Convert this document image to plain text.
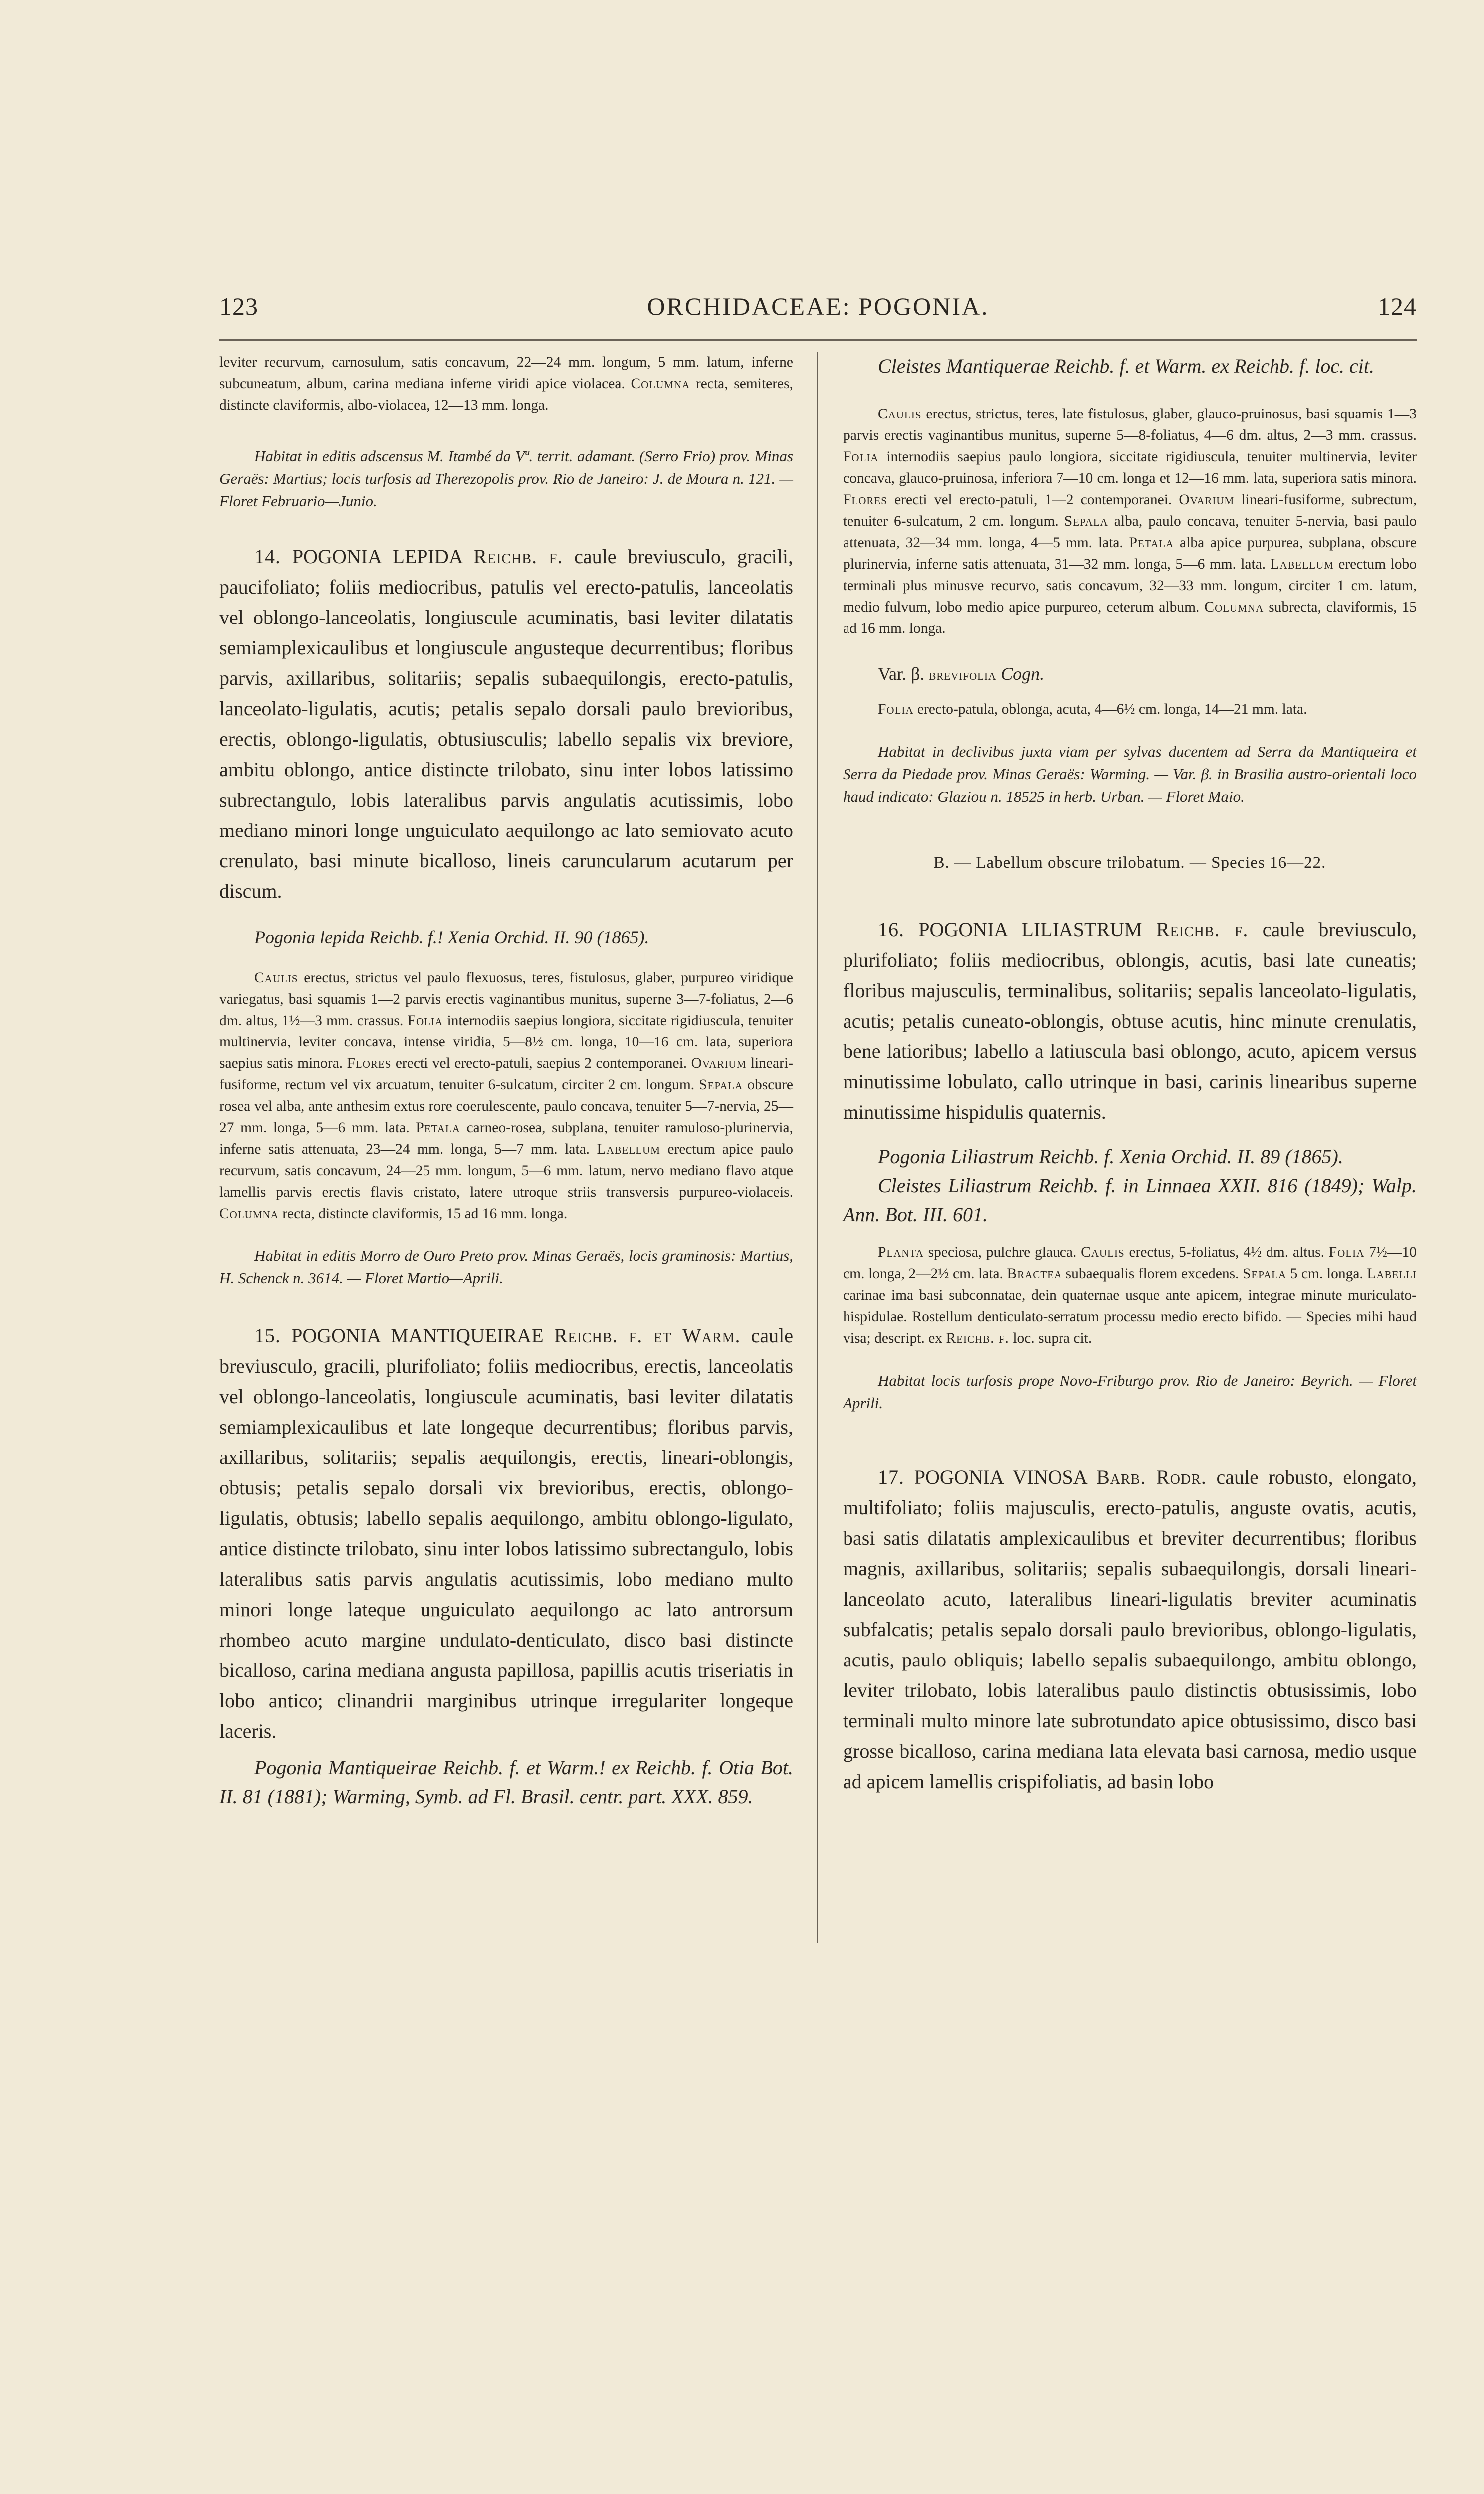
123	ORCHIDACEAE: POGONIA.	124

leviter recurvum, carnosulum, satis concavum, 22—24 mm. longum, 5 mm. latum, inferne subcuneatum, album, carina mediana inferne viridi apice violacea. Columna recta, semiteres, distincte claviformis, albo-violacea, 12—13 mm. longa.

Habitat in editis adscensus M. Itambé da Vª. territ. adamant. (Serro Frio) prov. Minas Geraës: Martius; locis turfosis ad Therezopolis prov. Rio de Janeiro: J. de Moura n. 121. — Floret Februario—Junio.

14. POGONIA LEPIDA Reichb. f. caule breviusculo, gracili, paucifoliato; foliis mediocribus, patulis vel erecto-patulis, lanceolatis vel oblongo-lanceolatis, longiuscule acuminatis, basi leviter dilatatis semiamplexicaulibus et longiuscule angusteque decurrentibus; floribus parvis, axillaribus, solitariis; sepalis subaequilongis, erecto-patulis, lanceolato-ligulatis, acutis; petalis sepalo dorsali paulo brevioribus, erectis, oblongo-ligulatis, obtusiusculis; labello sepalis vix breviore, ambitu oblongo, antice distincte trilobato, sinu inter lobos latissimo subrectangulo, lobis lateralibus parvis angulatis acutissimis, lobo mediano minori longe unguiculato aequilongo ac lato semiovato acuto crenulato, basi minute bicalloso, lineis caruncularum acutarum per discum.

Pogonia lepida Reichb. f.! Xenia Orchid. II. 90 (1865).

Caulis erectus, strictus vel paulo flexuosus, teres, fistulosus, glaber, purpureo viridique variegatus, basi squamis 1—2 parvis erectis vaginantibus munitus, superne 3—7-foliatus, 2—6 dm. altus, 1½—3 mm. crassus. Folia internodiis saepius longiora, siccitate rigidiuscula, tenuiter multinervia, leviter concava, intense viridia, 5—8½ cm. longa, 10—16 cm. lata, superiora saepius satis minora. Flores erecti vel erecto-patuli, saepius 2 contemporanei. Ovarium lineari-fusiforme, rectum vel vix arcuatum, tenuiter 6-sulcatum, circiter 2 cm. longum. Sepala obscure rosea vel alba, ante anthesim extus rore coerulescente, paulo concava, tenuiter 5—7-nervia, 25—27 mm. longa, 5—6 mm. lata. Petala carneo-rosea, subplana, tenuiter ramuloso-plurinervia, inferne satis attenuata, 23—24 mm. longa, 5—7 mm. lata. Labellum erectum apice paulo recurvum, satis concavum, 24—25 mm. longum, 5—6 mm. latum, nervo mediano flavo atque lamellis parvis erectis flavis cristato, latere utroque striis transversis purpureo-violaceis. Columna recta, distincte claviformis, 15 ad 16 mm. longa.

Habitat in editis Morro de Ouro Preto prov. Minas Geraës, locis graminosis: Martius, H. Schenck n. 3614. — Floret Martio—Aprili.

15. POGONIA MANTIQUEIRAE Reichb. f. et Warm. caule breviusculo, gracili, plurifoliato; foliis mediocribus, erectis, lanceolatis vel oblongo-lanceolatis, longiuscule acuminatis, basi leviter dilatatis semiamplexicaulibus et late longeque decurrentibus; floribus parvis, axillaribus, solitariis; sepalis aequilongis, erectis, lineari-oblongis, obtusis; petalis sepalo dorsali vix brevioribus, erectis, oblongo-ligulatis, obtusis; labello sepalis aequilongo, ambitu oblongo-ligulato, antice distincte trilobato, sinu inter lobos latissimo subrectangulo, lobis lateralibus satis parvis angulatis acutissimis, lobo mediano multo minori longe lateque unguiculato aequilongo ac lato antrorsum rhombeo acuto margine undulato-denticulato, disco basi distincte bicalloso, carina mediana angusta papillosa, papillis acutis triseriatis in lobo antico; clinandrii marginibus utrinque irregulariter longeque laceris.

Pogonia Mantiqueirae Reichb. f. et Warm.! ex Reichb. f. Otia Bot. II. 81 (1881); Warming, Symb. ad Fl. Brasil. centr. part. XXX. 859.

Cleistes Mantiquerae Reichb. f. et Warm. ex Reichb. f. loc. cit.

Caulis erectus, strictus, teres, late fistulosus, glaber, glauco-pruinosus, basi squamis 1—3 parvis erectis vaginantibus munitus, superne 5—8-foliatus, 4—6 dm. altus, 2—3 mm. crassus. Folia internodiis saepius paulo longiora, siccitate rigidiuscula, tenuiter multinervia, leviter concava, glauco-pruinosa, inferiora 7—10 cm. longa et 12—16 mm. lata, superiora satis minora. Flores erecti vel erecto-patuli, 1—2 contemporanei. Ovarium lineari-fusiforme, subrectum, tenuiter 6-sulcatum, 2 cm. longum. Sepala alba, paulo concava, tenuiter 5-nervia, basi paulo attenuata, 32—34 mm. longa, 4—5 mm. lata. Petala alba apice purpurea, subplana, obscure plurinervia, inferne satis attenuata, 31—32 mm. longa, 5—6 mm. lata. Labellum erectum lobo terminali plus minusve recurvo, satis concavum, 32—33 mm. longum, circiter 1 cm. latum, medio fulvum, lobo medio apice purpureo, ceterum album. Columna subrecta, claviformis, 15 ad 16 mm. longa.

Var. β. brevifolia Cogn.

Folia erecto-patula, oblonga, acuta, 4—6½ cm. longa, 14—21 mm. lata.

Habitat in declivibus juxta viam per sylvas ducentem ad Serra da Mantiqueira et Serra da Piedade prov. Minas Geraës: Warming. — Var. β. in Brasilia austro-orientali loco haud indicato: Glaziou n. 18525 in herb. Urban. — Floret Maio.

B. — Labellum obscure trilobatum. — Species 16—22.

16. POGONIA LILIASTRUM Reichb. f. caule breviusculo, plurifoliato; foliis mediocribus, oblongis, acutis, basi late cuneatis; floribus majusculis, terminalibus, solitariis; sepalis lanceolato-ligulatis, acutis; petalis cuneato-oblongis, obtuse acutis, hinc minute crenulatis, bene latioribus; labello a latiuscula basi oblongo, acuto, apicem versus minutissime lobulato, callo utrinque in basi, carinis linearibus superne minutissime hispidulis quaternis.

Pogonia Liliastrum Reichb. f. Xenia Orchid. II. 89 (1865).

Cleistes Liliastrum Reichb. f. in Linnaea XXII. 816 (1849); Walp. Ann. Bot. III. 601.

Planta speciosa, pulchre glauca. Caulis erectus, 5-foliatus, 4½ dm. altus. Folia 7½—10 cm. longa, 2—2½ cm. lata. Bractea subaequalis florem excedens. Sepala 5 cm. longa. Labelli carinae ima basi subconnatae, dein quaternae usque ante apicem, integrae minute muriculato-hispidulae. Rostellum denticulato-serratum processu medio erecto bifido. — Species mihi haud visa; descript. ex Reichb. f. loc. supra cit.

Habitat locis turfosis prope Novo-Friburgo prov. Rio de Janeiro: Beyrich. — Floret Aprili.

17. POGONIA VINOSA Barb. Rodr. caule robusto, elongato, multifoliato; foliis majusculis, erecto-patulis, anguste ovatis, acutis, basi satis dilatatis amplexicaulibus et breviter decurrentibus; floribus magnis, axillaribus, solitariis; sepalis subaequilongis, dorsali lineari-lanceolato acuto, lateralibus lineari-ligulatis breviter acuminatis subfalcatis; petalis sepalo dorsali paulo brevioribus, oblongo-ligulatis, acutis, paulo obliquis; labello sepalis subaequilongo, ambitu oblongo, leviter trilobato, lobis lateralibus paulo distinctis obtusissimis, lobo terminali multo minore late subrotundato apice obtusissimo, disco basi grosse bicalloso, carina mediana lata elevata basi carnosa, medio usque ad apicem lamellis crispifoliatis, ad basin lobo
